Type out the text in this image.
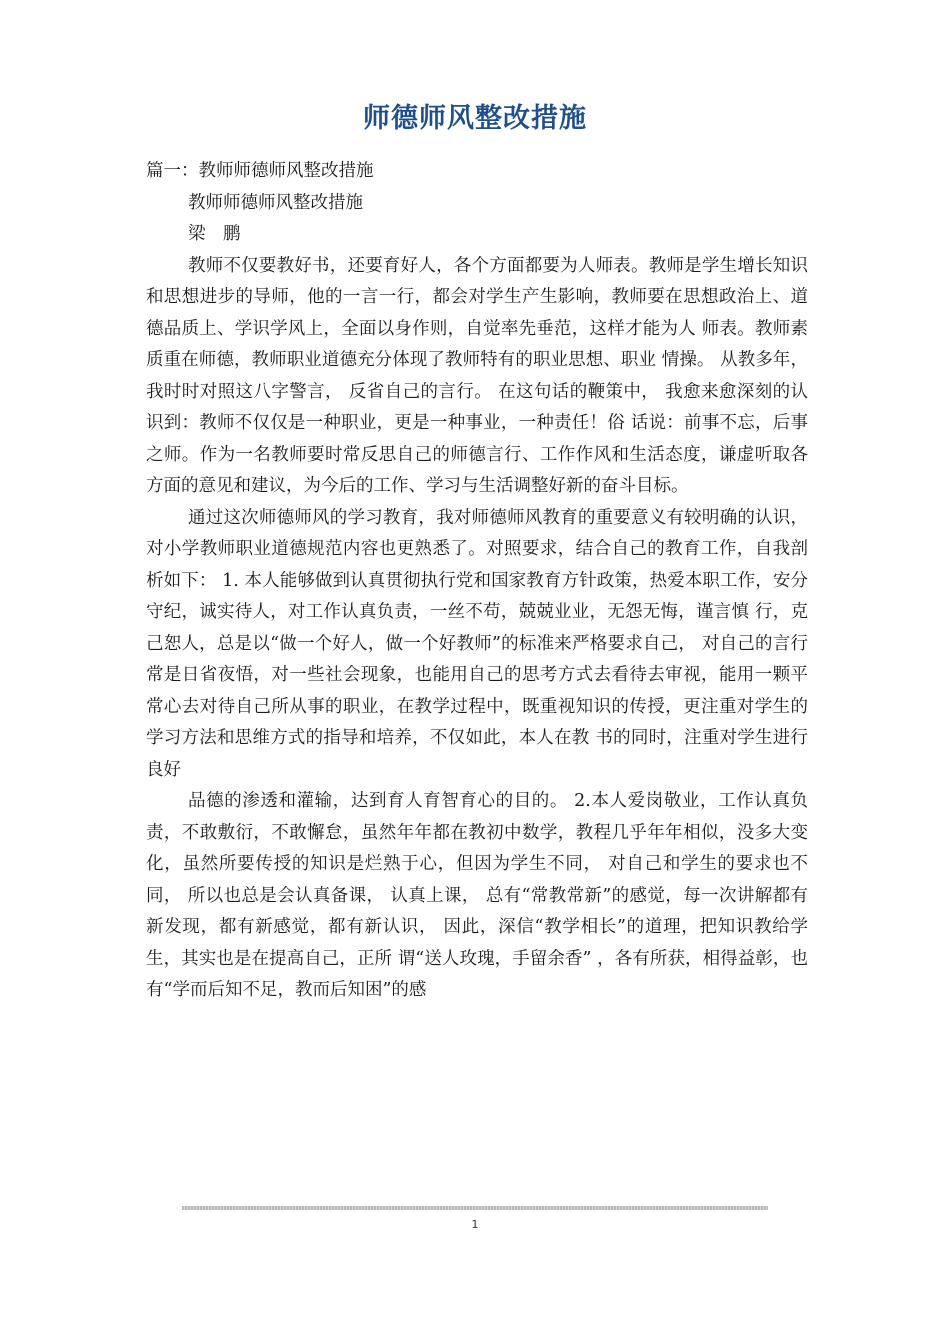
师德师风整改措施

篇一：教师师德师风整改措施

教师师德师风整改措施

梁　鹏

教师不仅要教好书，还要育好人，各个方面都要为人师表。教师是学生增长知识和思想进步的导师，他的一言一行，都会对学生产生影响，教师要在思想政治上、道德品质上、学识学风上，全面以身作则，自觉率先垂范，这样才能为人 师表。教师素质重在师德，教师职业道德充分体现了教师特有的职业思想、职业 情操。 从教多年， 我时时对照这八字警言， 反省自己的言行。 在这句话的鞭策中， 我愈来愈深刻的认识到：教师不仅仅是一种职业，更是一种事业，一种责任！俗 话说：前事不忘，后事之师。作为一名教师要时常反思自己的师德言行、工作作风和生活态度，谦虚听取各方面的意见和建议，为今后的工作、学习与生活调整好新的奋斗目标。

通过这次师德师风的学习教育，我对师德师风教育的重要意义有较明确的认识，对小学教师职业道德规范内容也更熟悉了。对照要求，结合自己的教育工作，自我剖析如下： 1. 本人能够做到认真贯彻执行党和国家教育方针政策，热爱本职工作，安分守纪，诚实待人，对工作认真负责，一丝不苟，兢兢业业，无怨无悔，谨言慎 行，克己恕人，总是以“做一个好人，做一个好教师”的标准来严格要求自己， 对自己的言行常是日省夜悟，对一些社会现象，也能用自己的思考方式去看待去审视，能用一颗平常心去对待自己所从事的职业，在教学过程中，既重视知识的传授，更注重对学生的学习方法和思维方式的指导和培养，不仅如此，本人在教 书的同时，注重对学生进行良好

品德的渗透和灌输，达到育人育智育心的目的。 2.本人爱岗敬业，工作认真负责，不敢敷衍，不敢懈怠，虽然年年都在教初中数学，教程几乎年年相似，没多大变化，虽然所要传授的知识是烂熟于心，但因为学生不同， 对自己和学生的要求也不同， 所以也总是会认真备课， 认真上课， 总有“常教常新”的感觉，每一次讲解都有新发现，都有新感觉，都有新认识， 因此，深信“教学相长”的道理，把知识教给学生，其实也是在提高自己，正所 谓“送人玫瑰，手留余香” ，各有所获，相得益彰，也有“学而后知不足，教而后知困”的感

1
